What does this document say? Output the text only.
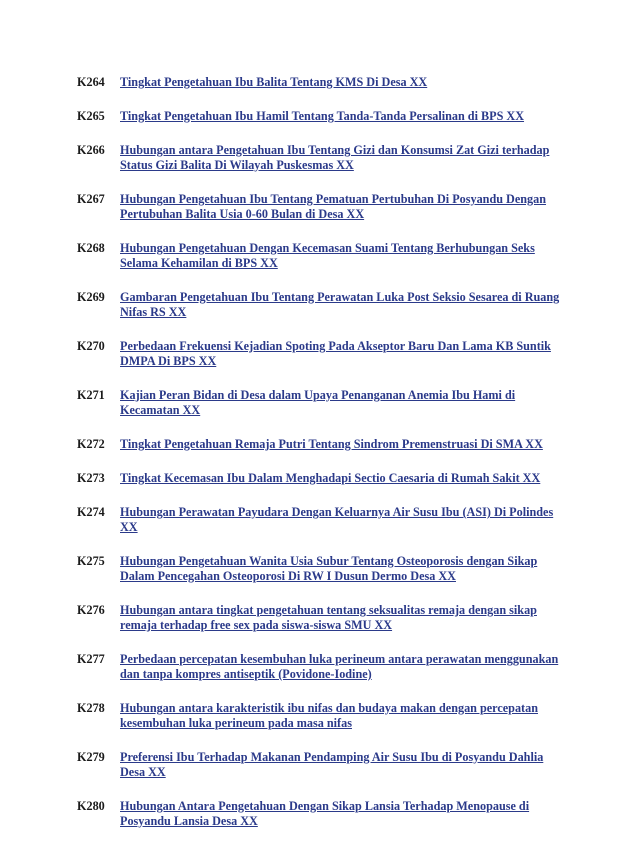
K264	Tingkat Pengetahuan Ibu Balita Tentang KMS Di Desa XX
K265	Tingkat Pengetahuan Ibu Hamil Tentang Tanda-Tanda Persalinan di BPS XX
K266	Hubungan antara Pengetahuan Ibu Tentang Gizi dan Konsumsi Zat Gizi terhadap Status Gizi Balita Di Wilayah Puskesmas XX
K267	Hubungan Pengetahuan Ibu Tentang Pematuan Pertubuhan Di Posyandu Dengan Pertubuhan Balita Usia 0-60 Bulan di Desa XX
K268	Hubungan Pengetahuan Dengan Kecemasan Suami Tentang Berhubungan Seks Selama Kehamilan di BPS XX
K269	Gambaran Pengetahuan Ibu Tentang Perawatan Luka Post Seksio Sesarea di Ruang Nifas RS XX
K270	Perbedaan Frekuensi Kejadian Spoting Pada Akseptor Baru Dan Lama KB Suntik DMPA Di BPS XX
K271	Kajian Peran Bidan di Desa dalam Upaya Penanganan Anemia Ibu Hami di Kecamatan XX
K272	Tingkat Pengetahuan Remaja Putri Tentang Sindrom Premenstruasi Di SMA XX
K273	Tingkat Kecemasan Ibu Dalam Menghadapi Sectio Caesaria di Rumah Sakit XX
K274	Hubungan Perawatan Payudara Dengan Keluarnya Air Susu Ibu (ASI) Di Polindes XX
K275	Hubungan Pengetahuan Wanita Usia Subur Tentang Osteoporosis dengan Sikap Dalam Pencegahan Osteoporosi Di RW I Dusun Dermo Desa XX
K276	Hubungan antara tingkat pengetahuan tentang seksualitas remaja dengan sikap remaja terhadap free sex pada siswa-siswa SMU XX
K277	Perbedaan percepatan kesembuhan luka perineum antara perawatan menggunakan dan tanpa kompres antiseptik (Povidone-Iodine)
K278	Hubungan antara karakteristik ibu nifas dan budaya makan dengan percepatan kesembuhan luka perineum pada masa nifas
K279	Preferensi Ibu Terhadap Makanan Pendamping Air Susu Ibu di Posyandu Dahlia Desa XX
K280	Hubungan Antara Pengetahuan Dengan Sikap Lansia Terhadap Menopause di Posyandu Lansia Desa XX
